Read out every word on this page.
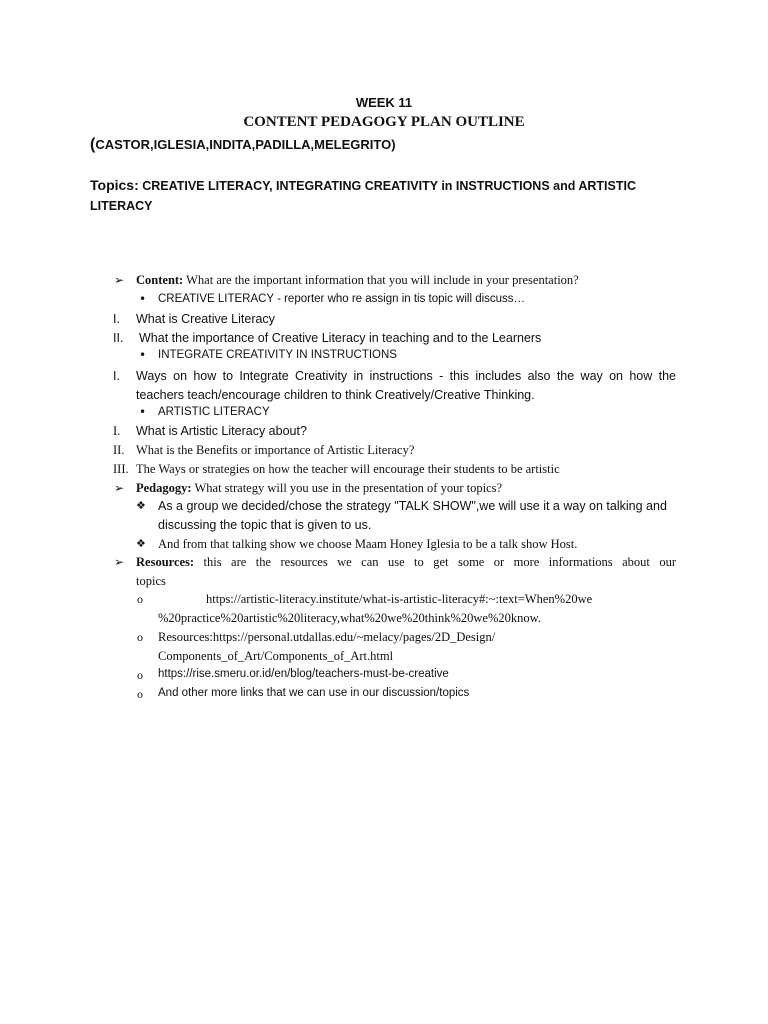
WEEK 11
CONTENT PEDAGOGY PLAN OUTLINE
(CASTOR,IGLESIA,INDITA,PADILLA,MELEGRITO)
Topics: CREATIVE LITERACY, INTEGRATING CREATIVITY in INSTRUCTIONS and ARTISTIC LITERACY
➢ Content: What are the important information that you will include in your presentation?
• CREATIVE LITERACY - reporter who re assign in tis topic will discuss…
I. What is Creative Literacy
II. What the importance of Creative Literacy in teaching and to the Learners
• INTEGRATE CREATIVITY IN INSTRUCTIONS
I. Ways on how to Integrate Creativity in instructions - this includes also the way on how the
teachers teach/encourage children to think Creatively/Creative Thinking.
• ARTISTIC LITERACY
I. What is Artistic Literacy about?
II. What is the Benefits or importance of Artistic Literacy?
III. The Ways or strategies on how the teacher will encourage their students to be artistic
➢ Pedagogy: What strategy will you use in the presentation of your topics?
❖ As a group we decided/chose the strategy "TALK SHOW",we will use it a way on talking and
discussing the topic that is given to us.
❖ And from that talking show we choose Maam Honey Iglesia to be a talk show Host.
➢ Resources: this are the resources we can use to get some or more informations about our
topics
o	https://artistic-literacy.institute/what-is-artistic-literacy#:~:text=When%20we
%20practice%20artistic%20literacy,what%20we%20think%20we%20know.
o Resources:https://personal.utdallas.edu/~melacy/pages/2D_Design/
Components_of_Art/Components_of_Art.html
o https://rise.smeru.or.id/en/blog/teachers-must-be-creative
o And other more links that we can use in our discussion/topics
